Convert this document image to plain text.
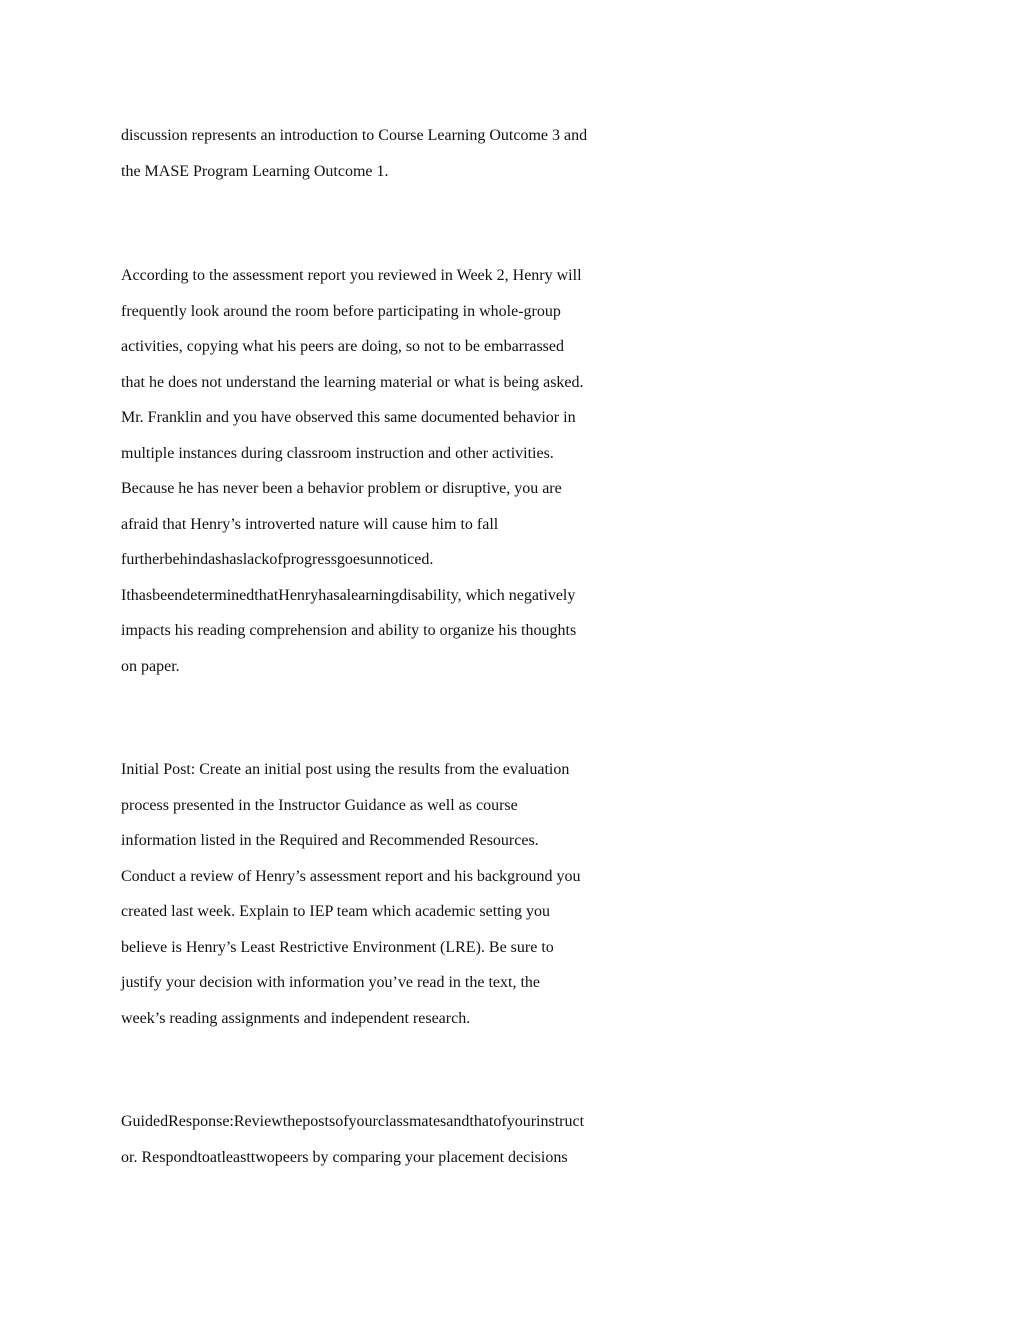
discussion represents an introduction to Course Learning Outcome 3 and
the MASE Program Learning Outcome 1.

According to the assessment report you reviewed in Week 2, Henry will
frequently look around the room before participating in whole-group
activities, copying what his peers are doing, so not to be embarrassed
that he does not understand the learning material or what is being asked.
Mr. Franklin and you have observed this same documented behavior in
multiple instances during classroom instruction and other activities.
Because he has never been a behavior problem or disruptive, you are
afraid that Henry’s introverted nature will cause him to fall
furtherbehindashaslackofprogressgoesunnoticed.
IthasbeendeterminedthatHenryhasalearningdisability, which negatively
impacts his reading comprehension and ability to organize his thoughts
on paper.

Initial Post: Create an initial post using the results from the evaluation
process presented in the Instructor Guidance as well as course
information listed in the Required and Recommended Resources.
Conduct a review of Henry’s assessment report and his background you
created last week. Explain to IEP team which academic setting you
believe is Henry’s Least Restrictive Environment (LRE). Be sure to
justify your decision with information you’ve read in the text, the
week’s reading assignments and independent research.

GuidedResponse:Reviewthepostsofyourclassmatesandthatofyourinstruct
or. Respondtoatleasttwopeers by comparing your placement decisions
